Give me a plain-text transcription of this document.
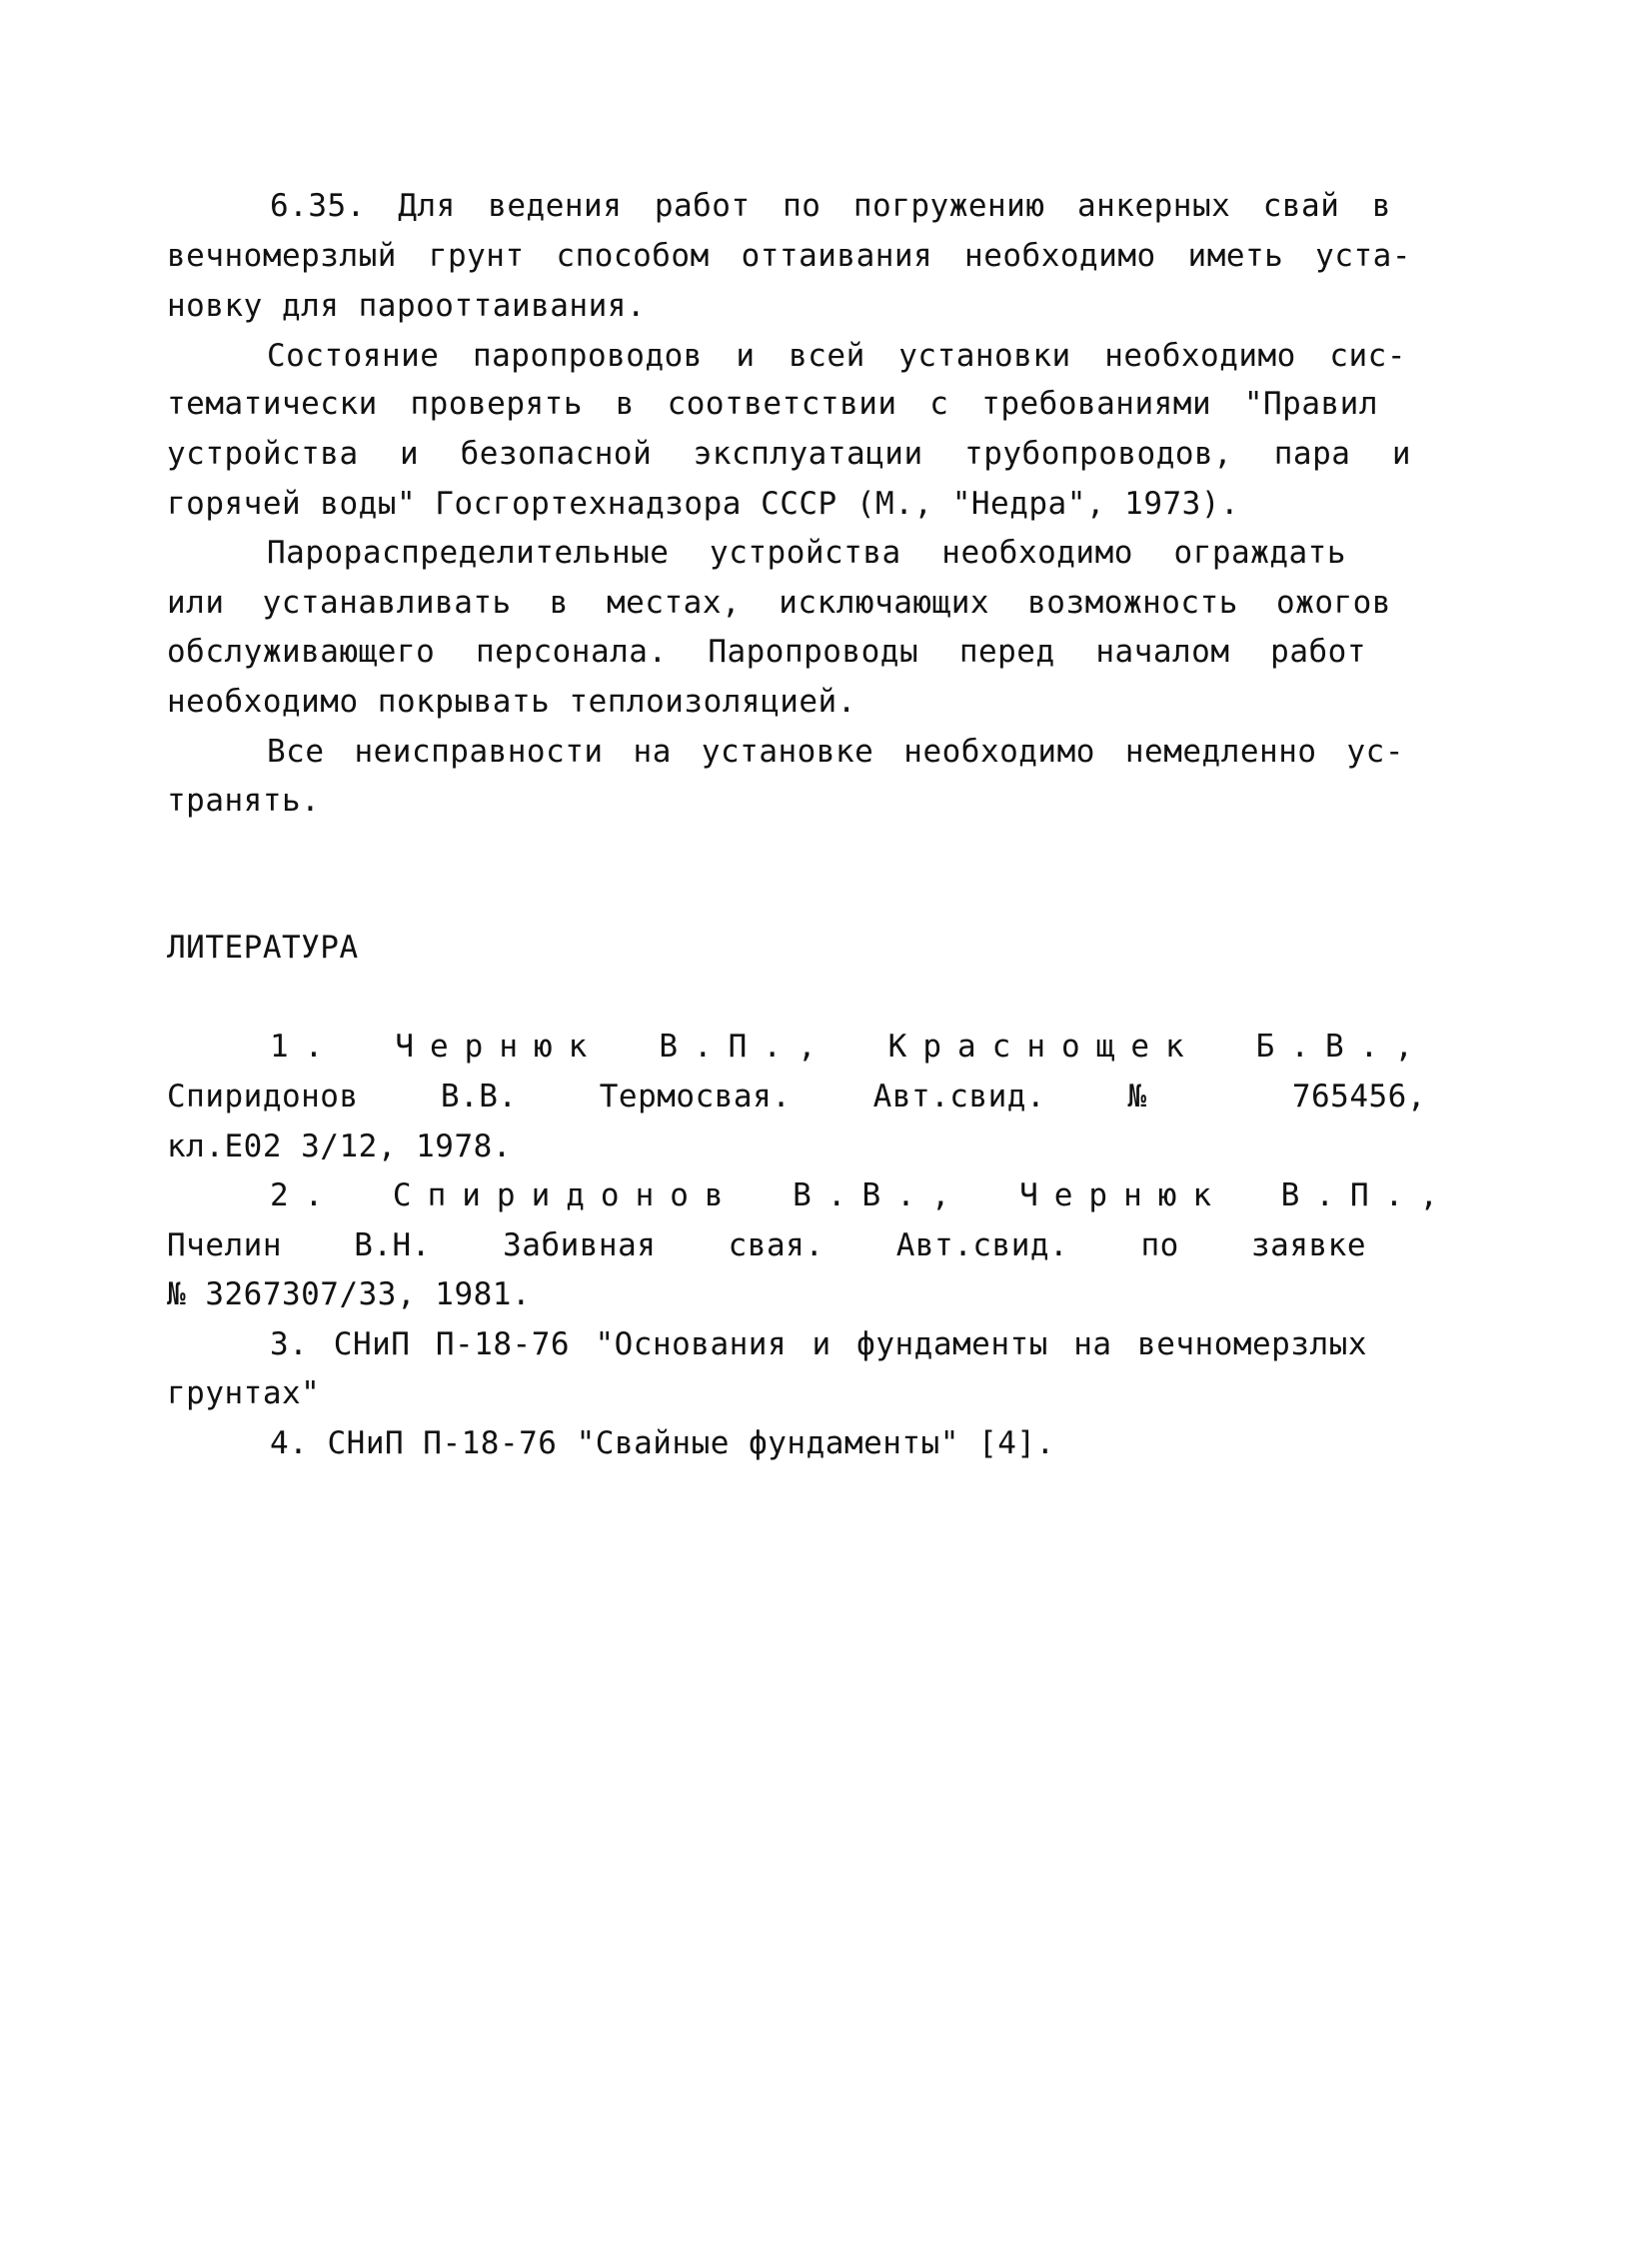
6.35. Для ведения работ по погружению анкерных свай в
вечномерзлый грунт способом оттаивания необходимо иметь уста-
новку для парооттаивания.
Состояние паропроводов и всей установки необходимо сис-
тематически проверять в соответствии с требованиями "Правил
устройства и безопасной эксплуатации трубопроводов, пара и
горячей воды" Госгортехнадзора СССР (М., "Недра", 1973).
Парораспределительные устройства необходимо ограждать
или устанавливать в местах, исключающих возможность ожогов
обслуживающего персонала. Паропроводы перед началом работ
необходимо покрывать теплоизоляцией.
Все неисправности на установке необходимо немедленно ус-
транять.
ЛИТЕРАТУРА
1. Чернюк В.П., Краснощек Б.В.,
Спиридонов В.В. Термосвая. Авт.свид. № 765456,
кл.Е02 3/12, 1978.
2. Спиридонов В.В., Чернюк В.П.,
Пчелин В.Н. Забивная свая. Авт.свид. по заявке
№ 3267307/33, 1981.
3. СНиП П-18-76 "Основания и фундаменты на вечномерзлых
грунтах"
4. СНиП П-18-76 "Свайные фундаменты" [4].
